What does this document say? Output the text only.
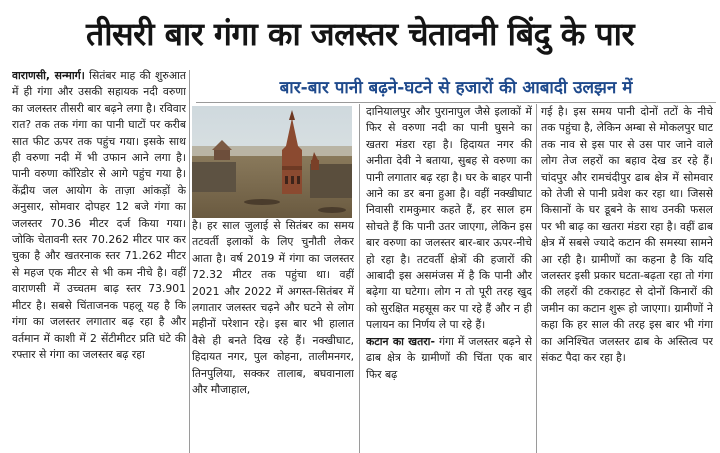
तीसरी बार गंगा का जलस्तर चेतावनी बिंदु के पार
बार-बार पानी बढ़ने-घटने से हजारों की आबादी उलझन में

वाराणसी, सन्मार्ग। सितंबर माह की शुरुआत में ही गंगा और उसकी सहायक नदी वरुणा का जलस्तर तीसरी बार बढ़ने लगा है। रविवार रात? तक तक गंगा का पानी घाटों पर करीब सात फीट ऊपर तक पहुंच गया। इसके साथ ही वरुणा नदी में भी उफान आने लगा है। पानी वरुणा कॉरिडोर से आगे पहुंच गया है। केंद्रीय जल आयोग के ताज़ा आंकड़ों के अनुसार, सोमवार दोपहर 12 बजे गंगा का जलस्तर 70.36 मीटर दर्ज किया गया। जोकि चेतावनी स्तर 70.262 मीटर पार कर चुका है और खतरनाक स्तर 71.262 मीटर से महज एक मीटर से भी कम नीचे है। वहीं वाराणसी में उच्चतम बाढ़ स्तर 73.901 मीटर है। सबसे चिंताजनक पहलू यह है कि गंगा का जलस्तर लगातार बढ़ रहा है और वर्तमान में काशी में 2 सेंटीमीटर प्रति घंटे की रफ्तार से गंगा का जलस्तर बढ़ रहा

है। हर साल जुलाई से सितंबर का समय तटवर्ती इलाकों के लिए चुनौती लेकर आता है। वर्ष 2019 में गंगा का जलस्तर 72.32 मीटर तक पहुंचा था। वहीं 2021 और 2022 में अगस्त-सितंबर में लगातार जलस्तर चढ़ने और घटने से लोग महीनों परेशान रहे। इस बार भी हालात वैसे ही बनते दिख रहे हैं। नक्खीघाट, हिदायत नगर, पुल कोहना, तालीमनगर, तिनपुलिया, सक्कर तालाब, बघवानाला और मौजाहाल,

दानियालपुर और पुरानापुल जैसे इलाकों में फिर से वरुणा नदी का पानी घुसने का खतरा मंडरा रहा है। हिदायत नगर की अनीता देवी ने बताया, सुबह से वरुणा का पानी लगातार बढ़ रहा है। घर के बाहर पानी आने का डर बना हुआ है। वहीं नक्खीघाट निवासी रामकुमार कहते हैं, हर साल हम सोचते हैं कि पानी उतर जाएगा, लेकिन इस बार वरुणा का जलस्तर बार-बार ऊपर-नीचे हो रहा है। तटवर्ती क्षेत्रों की हजारों की आबादी इस असमंजस में है कि पानी और बढ़ेगा या घटेगा। लोग न तो पूरी तरह खुद को सुरक्षित महसूस कर पा रहे हैं और न ही पलायन का निर्णय ले पा रहे हैं।

कटान का खतरा- गंगा में जलस्तर बढ़ने से ढाब क्षेत्र के ग्रामीणों की चिंता एक बार फिर बढ़

गई है। इस समय पानी दोनों तटों के नीचे तक पहुंचा है, लेकिन अम्बा से मोकलपुर घाट तक नाव से इस पार से उस पार जाने वाले लोग तेज लहरों का बहाव देख डर रहे हैं। चांदपुर और रामचंदीपुर ढाब क्षेत्र में सोमवार को तेजी से पानी प्रवेश कर रहा था। जिससे किसानों के घर डूबने के साथ उनकी फसल पर भी बाढ़ का खतरा मंडरा रहा है। वहीं ढाब क्षेत्र में सबसे ज्यादे कटान की समस्या सामने आ रही है। ग्रामीणों का कहना है कि यदि जलस्तर इसी प्रकार घटता-बढ़ता रहा तो गंगा की लहरों की टकराहट से दोनों किनारों की जमीन का कटान शुरू हो जाएगा। ग्रामीणों ने कहा कि हर साल की तरह इस बार भी गंगा का अनिश्चित जलस्तर ढाब के अस्तित्व पर संकट पैदा कर रहा है।
